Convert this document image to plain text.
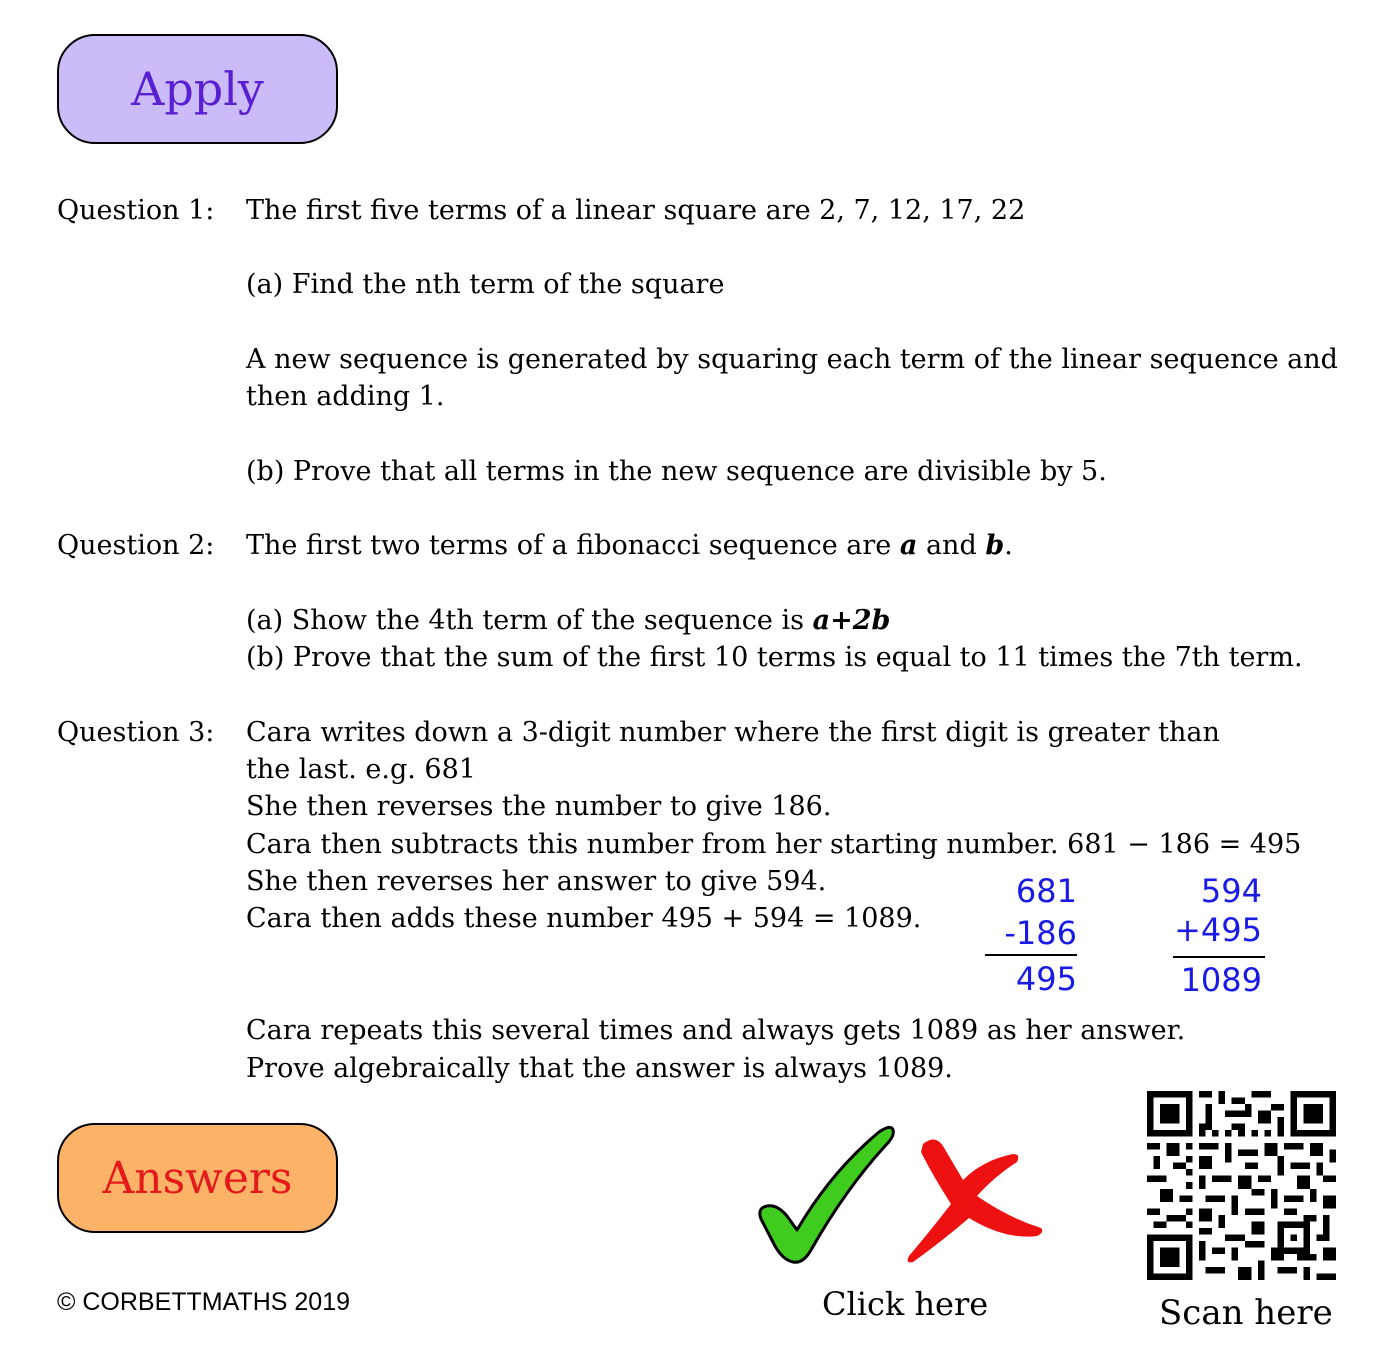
Apply
Question 1: The first five terms of a linear square are 2, 7, 12, 17, 22
(a) Find the nth term of the square
A new sequence is generated by squaring each term of the linear sequence and
then adding 1.
(b) Prove that all terms in the new sequence are divisible by 5.
Question 2: The first two terms of a fibonacci sequence are a and b.
(a) Show the 4th term of the sequence is a+2b
(b) Prove that the sum of the first 10 terms is equal to 11 times the 7th term.
Question 3: Cara writes down a 3-digit number where the first digit is greater than
the last. e.g. 681
She then reverses the number to give 186.
Cara then subtracts this number from her starting number. 681 − 186 = 495
She then reverses her answer to give 594.
Cara then adds these number 495 + 594 = 1089.
681
-186
495
594
+495
1089
Cara repeats this several times and always gets 1089 as her answer.
Prove algebraically that the answer is always 1089.
Answers
© CORBETTMATHS 2019	Click here	Scan here
